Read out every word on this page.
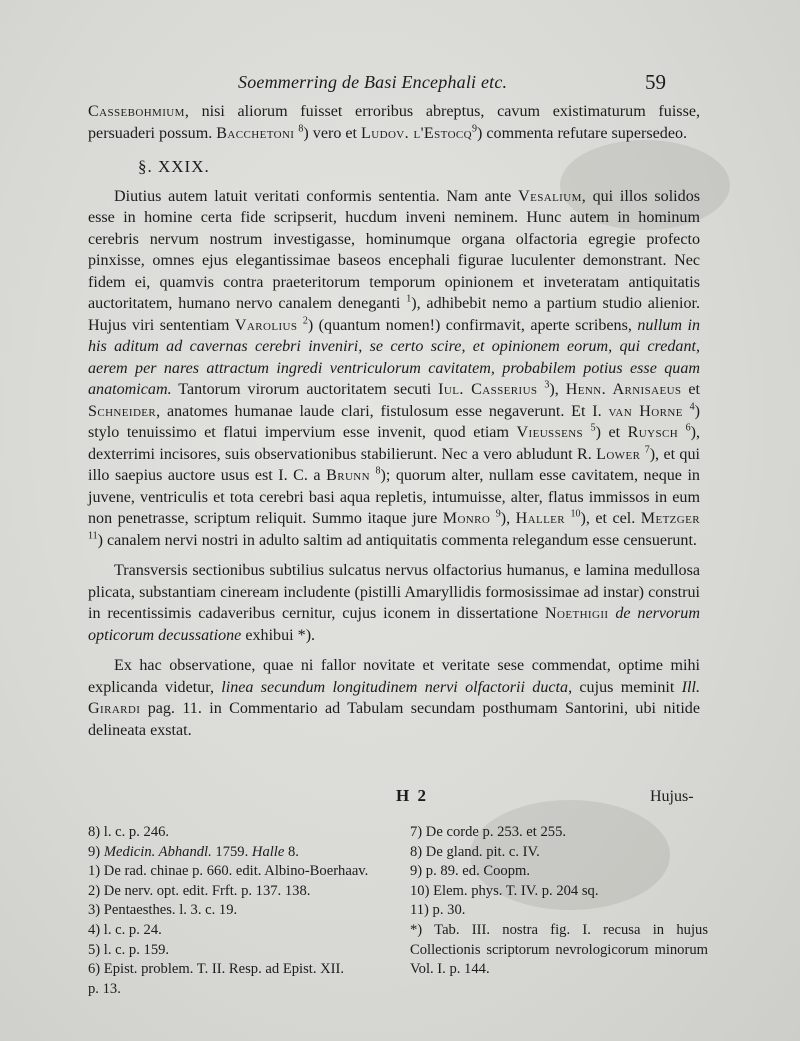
Soemmerring de Basi Encephali etc.	59

Cassebohmium, nisi aliorum fuisset erroribus abreptus, cavum existimaturum fuisse, persuaderi possum. Bacchetoni $^8$) vero et Ludov. l'Estocq$^9$) commenta refutare supersedeo.

§. XXIX.

Diutius autem latuit veritati conformis sententia. Nam ante Vesalium, qui illos solidos esse in homine certa fide scripserit, hucdum inveni neminem. Hunc autem in hominum cerebris nervum nostrum investigasse, hominumque organa olfactoria egregie profecto pinxisse, omnes ejus elegantissimae baseos encephali figurae luculenter demonstrant. Nec fidem ei, quamvis contra praeteritorum temporum opinionem et inveteratam antiquitatis auctoritatem, humano nervo canalem deneganti $^1$), adhibebit nemo a partium studio alienior. Hujus viri sententiam Varolius $^2$) (quantum nomen!) confirmavit, aperte scribens, nullum in his aditum ad cavernas cerebri inveniri, se certo scire, et opinionem eorum, qui credant, aerem per nares attractum ingredi ventriculorum cavitatem, probabilem potius esse quam anatomicam. Tantorum virorum auctoritatem secuti Iul. Casserius $^3$), Henn. Arnisaeus et Schneider, anatomes humanae laude clari, fistulosum esse negaverunt. Et I. van Horne $^4$) stylo tenuissimo et flatui impervium esse invenit, quod etiam Vieussens $^5$) et Ruysch $^6$), dexterrimi incisores, suis observationibus stabilierunt. Nec a vero abludunt R. Lower $^7$), et qui illo saepius auctore usus est I. C. a Brunn $^8$); quorum alter, nullam esse cavitatem, neque in juvene, ventriculis et tota cerebri basi aqua repletis, intumuisse, alter, flatus immissos in eum non penetrasse, scriptum reliquit. Summo itaque jure Monro $^9$), Haller $^{10}$), et cel. Metzger $^{11}$) canalem nervi nostri in adulto saltim ad antiquitatis commenta relegandum esse censuerunt.

Transversis sectionibus subtilius sulcatus nervus olfactorius humanus, e lamina medullosa plicata, substantiam cineream includente (pistilli Amaryllidis formosissimae ad instar) construi in recentissimis cadaveribus cernitur, cujus iconem in dissertatione Noethigii de nervorum opticorum decussatione exhibui *).

Ex hac observatione, quae ni fallor novitate et veritate sese commendat, optime mihi explicanda videtur, linea secundum longitudinem nervi olfactorii ducta, cujus meminit Ill. Girardi pag. 11. in Commentario ad Tabulam secundam posthumam Santorini, ubi nitide delineata exstat.

H 2	Hujus-

8) l. c. p. 246.

9) Medicin. Abhandl. 1759. Halle 8.

1) De rad. chinae p. 660. edit. Albino-Boerhaav.

2) De nerv. opt. edit. Frft. p. 137. 138.

3) Pentaesthes. l. 3. c. 19.

4) l. c. p. 24.

5) l. c. p. 159.

6) Epist. problem. T. II. Resp. ad Epist. XII.

p. 13.

7) De corde p. 253. et 255.

8) De gland. pit. c. IV.

9) p. 89. ed. Coopm.

10) Elem. phys. T. IV. p. 204 sq.

11) p. 30.

*) Tab. III. nostra fig. I. recusa in hujus Collectionis scriptorum nevrologicorum minorum Vol. I. p. 144.
